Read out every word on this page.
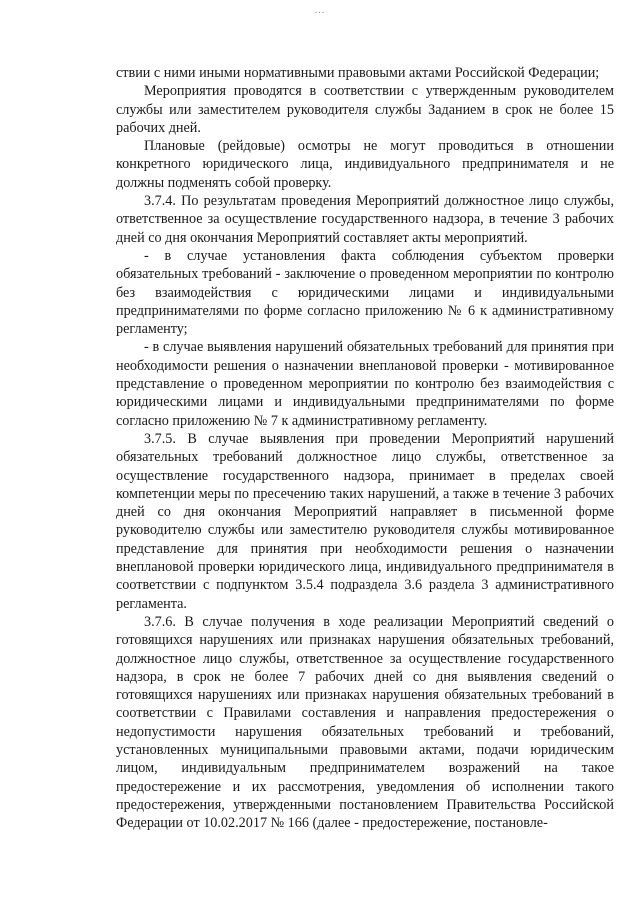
...

ствии с ними иными нормативными правовыми актами Российской Федерации;

Мероприятия проводятся в соответствии с утвержденным руководителем службы или заместителем руководителя службы Заданием в срок не более 15 рабочих дней.

Плановые (рейдовые) осмотры не могут проводиться в отношении конкретного юридического лица, индивидуального предпринимателя и не должны подменять собой проверку.

3.7.4. По результатам проведения Мероприятий должностное лицо службы, ответственное за осуществление государственного надзора, в течение 3 рабочих дней со дня окончания Мероприятий составляет акты мероприятий.

- в случае установления факта соблюдения субъектом проверки обязательных требований - заключение о проведенном мероприятии по контролю без взаимодействия с юридическими лицами и индивидуальными предпринимателями по форме согласно приложению № 6 к административному регламенту;

- в случае выявления нарушений обязательных требований для принятия при необходимости решения о назначении внеплановой проверки - мотивированное представление о проведенном мероприятии по контролю без взаимодействия с юридическими лицами и индивидуальными предпринимателями по форме согласно приложению № 7 к административному регламенту.

3.7.5. В случае выявления при проведении Мероприятий нарушений обязательных требований должностное лицо службы, ответственное за осуществление государственного надзора, принимает в пределах своей компетенции меры по пресечению таких нарушений, а также в течение 3 рабочих дней со дня окончания Мероприятий направляет в письменной форме руководителю службы или заместителю руководителя службы мотивированное представление для принятия при необходимости решения о назначении внеплановой проверки юридического лица, индивидуального предпринимателя в соответствии с подпунктом 3.5.4 подраздела 3.6 раздела 3 административного регламента.

3.7.6. В случае получения в ходе реализации Мероприятий сведений о готовящихся нарушениях или признаках нарушения обязательных требований, должностное лицо службы, ответственное за осуществление государственного надзора, в срок не более 7 рабочих дней со дня выявления сведений о готовящихся нарушениях или признаках нарушения обязательных требований в соответствии с Правилами составления и направления предостережения о недопустимости нарушения обязательных требований и требований, установленных муниципальными правовыми актами, подачи юридическим лицом, индивидуальным предпринимателем возражений на такое предостережение и их рассмотрения, уведомления об исполнении такого предостережения, утвержденными постановлением Правительства Российской Федерации от 10.02.2017 № 166 (далее - предостережение, постановле-
